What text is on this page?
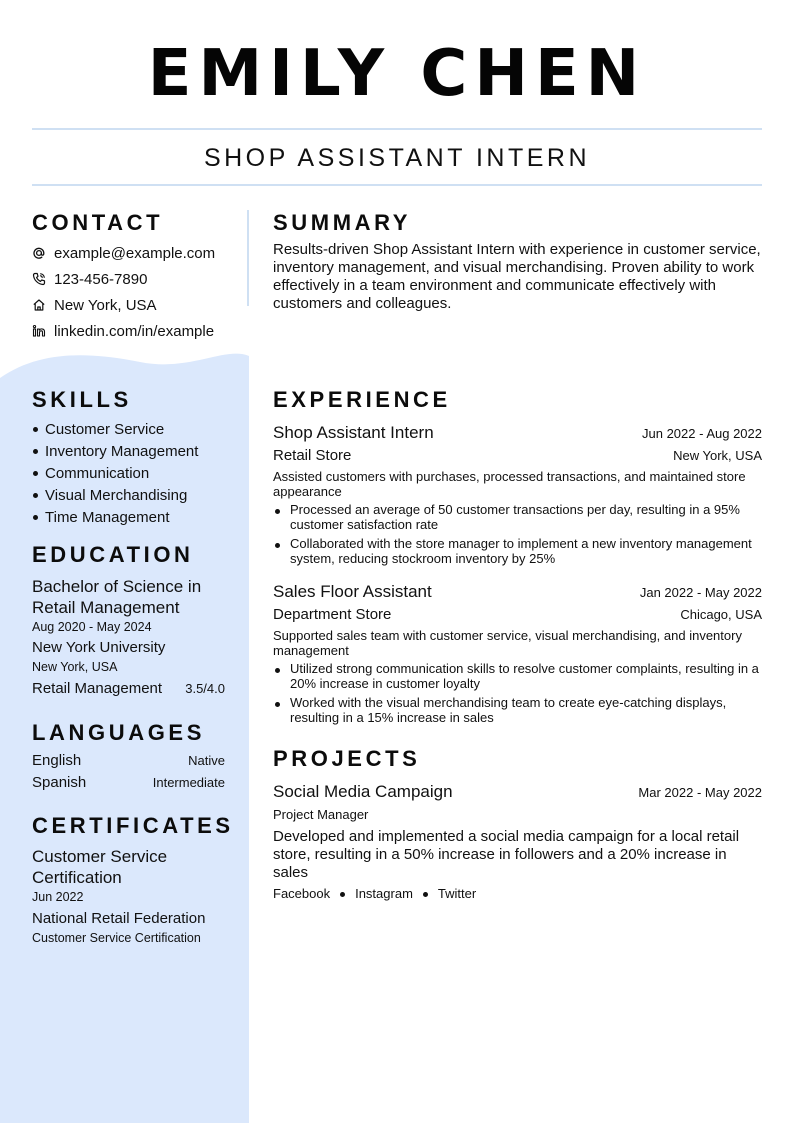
EMILY CHEN
SHOP ASSISTANT INTERN
CONTACT
example@example.com
123-456-7890
New York, USA
linkedin.com/in/example
SKILLS
Customer Service
Inventory Management
Communication
Visual Merchandising
Time Management
EDUCATION
Bachelor of Science in Retail Management
Aug 2020 - May 2024
New York University
New York, USA
Retail Management 3.5/4.0
LANGUAGES
English	Native
Spanish	Intermediate
CERTIFICATES
Customer Service Certification
Jun 2022
National Retail Federation
Customer Service Certification
SUMMARY
Results-driven Shop Assistant Intern with experience in customer service, inventory management, and visual merchandising. Proven ability to work effectively in a team environment and communicate effectively with customers and colleagues.
EXPERIENCE
Shop Assistant Intern	Jun 2022 - Aug 2022
Retail Store	New York, USA
Assisted customers with purchases, processed transactions, and maintained store appearance
Processed an average of 50 customer transactions per day, resulting in a 95% customer satisfaction rate
Collaborated with the store manager to implement a new inventory management system, reducing stockroom inventory by 25%
Sales Floor Assistant	Jan 2022 - May 2022
Department Store	Chicago, USA
Supported sales team with customer service, visual merchandising, and inventory management
Utilized strong communication skills to resolve customer complaints, resulting in a 20% increase in customer loyalty
Worked with the visual merchandising team to create eye-catching displays, resulting in a 15% increase in sales
PROJECTS
Social Media Campaign	Mar 2022 - May 2022
Project Manager
Developed and implemented a social media campaign for a local retail store, resulting in a 50% increase in followers and a 20% increase in sales
Facebook Instagram Twitter
